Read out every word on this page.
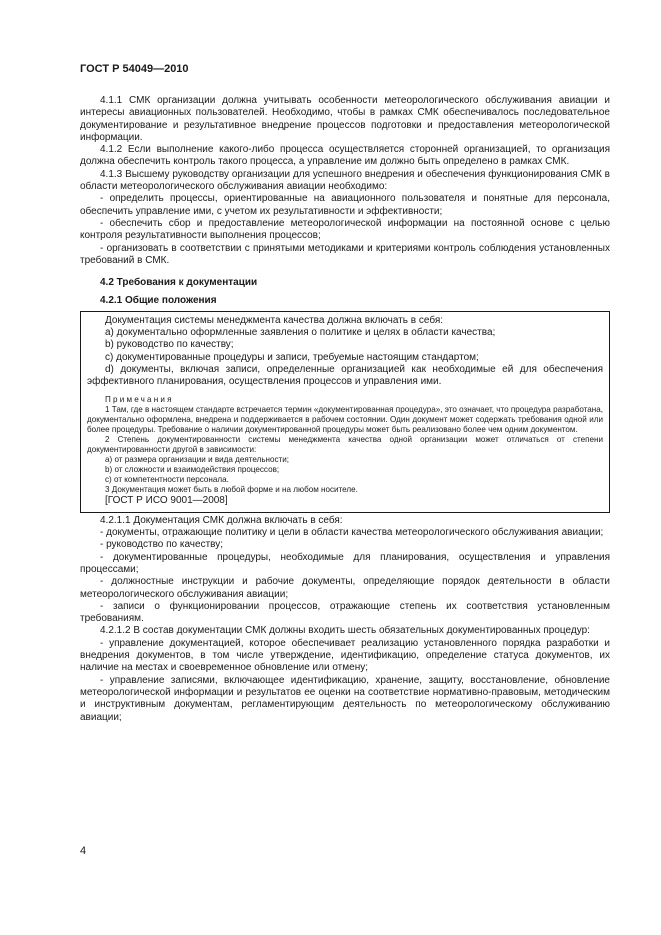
ГОСТ Р 54049—2010

4.1.1 СМК организации должна учитывать особенности метеорологического обслуживания авиации и интересы авиационных пользователей. Необходимо, чтобы в рамках СМК обеспечивалось последовательное документирование и результативное внедрение процессов подготовки и предоставления метеорологической информации.

4.1.2 Если выполнение какого-либо процесса осуществляется сторонней организацией, то организация должна обеспечить контроль такого процесса, а управление им должно быть определено в рамках СМК.

4.1.3 Высшему руководству организации для успешного внедрения и обеспечения функционирования СМК в области метеорологического обслуживания авиации необходимо:

- определить процессы, ориентированные на авиационного пользователя и понятные для персонала, обеспечить управление ими, с учетом их результативности и эффективности;

- обеспечить сбор и предоставление метеорологической информации на постоянной основе с целью контроля результативности выполнения процессов;

- организовать в соответствии с принятыми методиками и критериями контроль соблюдения установленных требований в СМК.

4.2 Требования к документации

4.2.1 Общие положения

Документация системы менеджмента качества должна включать в себя:

a) документально оформленные заявления о политике и целях в области качества;

b) руководство по качеству;

c) документированные процедуры и записи, требуемые настоящим стандартом;

d) документы, включая записи, определенные организацией как необходимые ей для обеспечения эффективного планирования, осуществления процессов и управления ими.

Примечания

1 Там, где в настоящем стандарте встречается термин «документированная процедура», это означает, что процедура разработана, документально оформлена, внедрена и поддерживается в рабочем состоянии. Один документ может содержать требования одной или более процедуры. Требование о наличии документированной процедуры может быть реализовано более чем одним документом.

2 Степень документированности системы менеджмента качества одной организации может отличаться от степени документированности другой в зависимости:

a) от размера организации и вида деятельности;

b) от сложности и взаимодействия процессов;

c) от компетентности персонала.

3 Документация может быть в любой форме и на любом носителе.

[ГОСТ Р ИСО 9001—2008]

4.2.1.1 Документация СМК должна включать в себя:

- документы, отражающие политику и цели в области качества метеорологического обслуживания авиации;

- руководство по качеству;

- документированные процедуры, необходимые для планирования, осуществления и управления процессами;

- должностные инструкции и рабочие документы, определяющие порядок деятельности в области метеорологического обслуживания авиации;

- записи о функционировании процессов, отражающие степень их соответствия установленным требованиям.

4.2.1.2 В состав документации СМК должны входить шесть обязательных документированных процедур:

- управление документацией, которое обеспечивает реализацию установленного порядка разработки и внедрения документов, в том числе утверждение, идентификацию, определение статуса документов, их наличие на местах и своевременное обновление или отмену;

- управление записями, включающее идентификацию, хранение, защиту, восстановление, обновление метеорологической информации и результатов ее оценки на соответствие нормативно-правовым, методическим и инструктивным документам, регламентирующим деятельность по метеорологическому обслуживанию авиации;

4
